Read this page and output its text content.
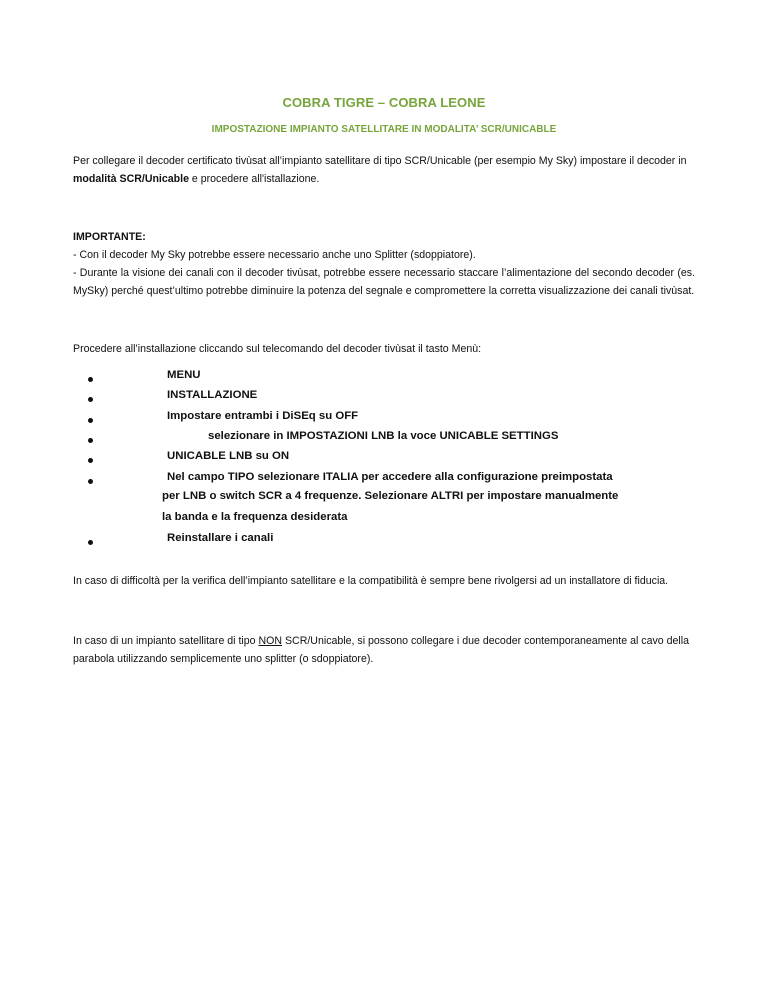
COBRA TIGRE – COBRA LEONE
IMPOSTAZIONE IMPIANTO SATELLITARE IN MODALITA’ SCR/UNICABLE

Per collegare il decoder certificato tivùsat all’impianto satellitare di tipo SCR/Unicable (per esempio My Sky) impostare il decoder in modalità SCR/Unicable e procedere all'istallazione.

IMPORTANTE:
- Con il decoder My Sky potrebbe essere necessario anche uno Splitter (sdoppiatore).
- Durante la visione dei canali con il decoder tivùsat, potrebbe essere necessario staccare l’alimentazione del secondo decoder (es. MySky) perché quest’ultimo potrebbe diminuire la potenza del segnale e compromettere la corretta visualizzazione dei canali tivùsat.

Procedere all’installazione cliccando sul telecomando del decoder tivùsat il tasto Menù:

MENU
INSTALLAZIONE
Impostare entrambi i DiSEq su OFF
selezionare in IMPOSTAZIONI LNB la voce UNICABLE SETTINGS
UNICABLE LNB su ON
Nel campo TIPO selezionare ITALIA per accedere alla configurazione preimpostata
per LNB o switch SCR a 4 frequenze. Selezionare ALTRI per impostare manualmente
la banda e la frequenza desiderata
Reinstallare i canali

In caso di difficoltà per la verifica dell’impianto satellitare e la compatibilità è sempre bene rivolgersi ad un installatore di fiducia.

In caso di un impianto satellitare di tipo NON SCR/Unicable, si possono collegare i due decoder contemporaneamente al cavo della parabola utilizzando semplicemente uno splitter (o sdoppiatore).
